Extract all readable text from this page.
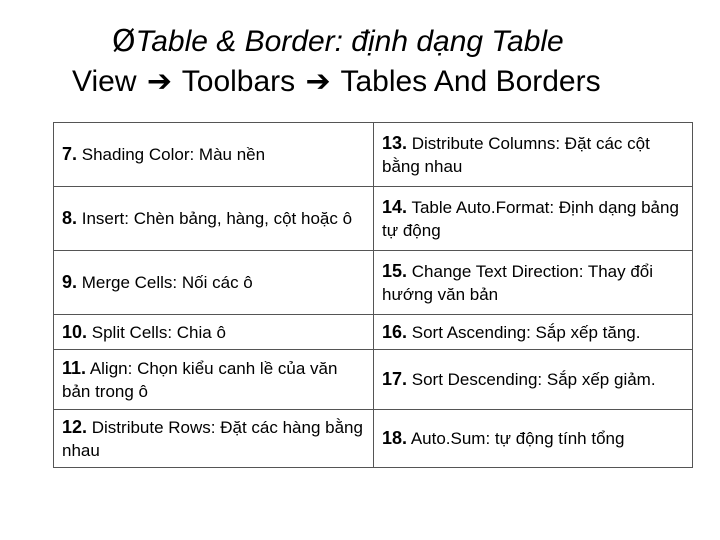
ØTable & Border: định dạng Table
View ➔ Toolbars ➔ Tables And Borders
7. Shading Color: Màu nền	13. Distribute Columns: Đặt các cột bằng nhau
8. Insert: Chèn bảng, hàng, cột hoặc ô	14. Table Auto.Format: Định dạng bảng tự động
9. Merge Cells: Nối các ô	15. Change Text Direction: Thay đổi hướng văn bản
10. Split Cells: Chia ô	16. Sort Ascending: Sắp xếp tăng.
11. Align: Chọn kiểu canh lề của văn bản trong ô	17. Sort Descending: Sắp xếp giảm.
12. Distribute Rows: Đặt các hàng bằng nhau	18. Auto.Sum: tự động tính tổng
